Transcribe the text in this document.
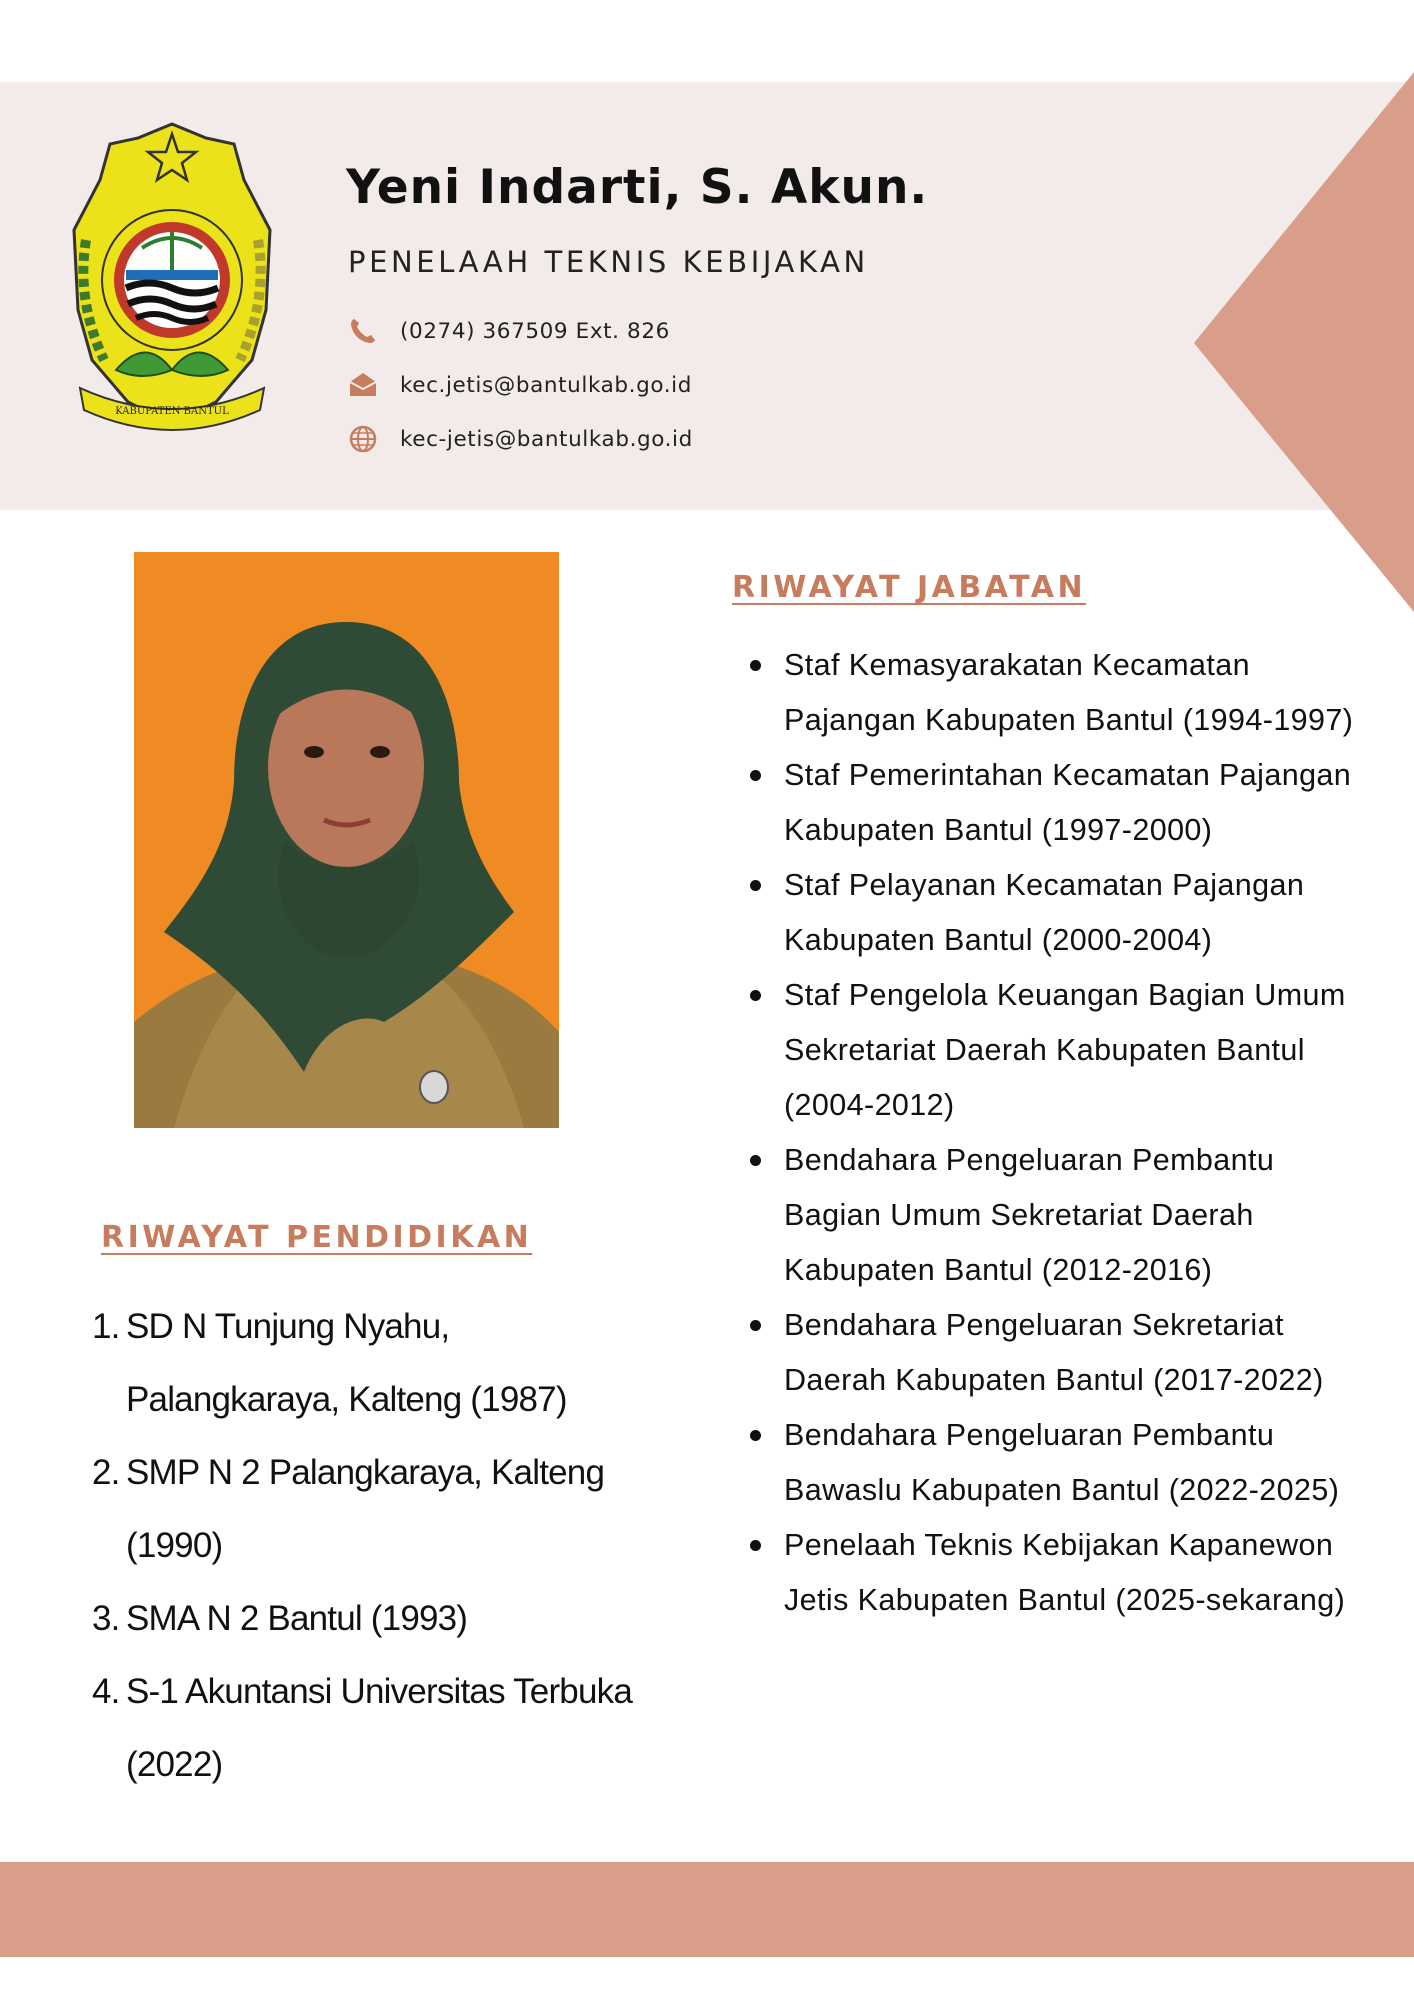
KABUPATEN BANTUL
Yeni Indarti, S. Akun.
PENELAAH TEKNIS KEBIJAKAN
(0274) 367509 Ext. 826
kec.jetis@bantulkab.go.id
kec-jetis@bantulkab.go.id
RIWAYAT PENDIDIKAN
1. SD N Tunjung Nyahu, Palangkaraya, Kalteng (1987)
2. SMP N 2 Palangkaraya, Kalteng (1990)
3. SMA N 2 Bantul (1993)
4. S-1 Akuntansi Universitas Terbuka (2022)
RIWAYAT JABATAN
Staf Kemasyarakatan Kecamatan Pajangan Kabupaten Bantul (1994-1997)
Staf Pemerintahan Kecamatan Pajangan Kabupaten Bantul (1997-2000)
Staf Pelayanan Kecamatan Pajangan Kabupaten Bantul (2000-2004)
Staf Pengelola Keuangan Bagian Umum Sekretariat Daerah Kabupaten Bantul (2004-2012)
Bendahara Pengeluaran Pembantu Bagian Umum Sekretariat Daerah Kabupaten Bantul (2012-2016)
Bendahara Pengeluaran Sekretariat Daerah Kabupaten Bantul (2017-2022)
Bendahara Pengeluaran Pembantu Bawaslu Kabupaten Bantul (2022-2025)
Penelaah Teknis Kebijakan Kapanewon Jetis Kabupaten Bantul (2025-sekarang)
